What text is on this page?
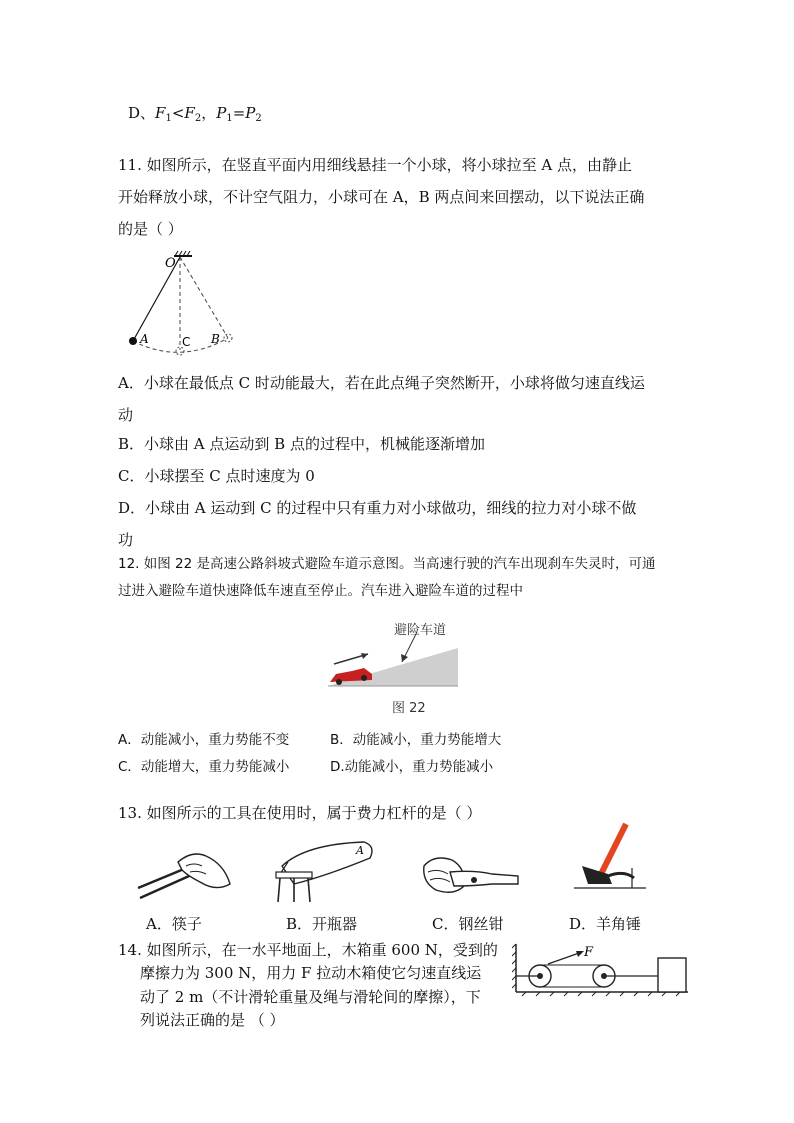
D、$F_1<F_2$，$P_1=P_2$
11. 如图所示，在竖直平面内用细线悬挂一个小球，将小球拉至 A 点，由静止
开始释放小球，不计空气阻力，小球可在 A，B 两点间来回摆动，以下说法正确
的是（ ）
O
A	B
C
A．小球在最低点 C 时动能最大，若在此点绳子突然断开，小球将做匀速直线运
动
B．小球由 A 点运动到 B 点的过程中，机械能逐渐增加
C．小球摆至 C 点时速度为 0
D．小球由 A 运动到 C 的过程中只有重力对小球做功，细线的拉力对小球不做
功
12. 如图 22 是高速公路斜坡式避险车道示意图。当高速行驶的汽车出现刹车失灵时，可通
过进入避险车道快速降低车速直至停止。汽车进入避险车道的过程中
避险车道
图 22
A．动能减小，重力势能不变	B．动能减小，重力势能增大
C．动能增大，重力势能减小	D.动能减小，重力势能减小
13. 如图所示的工具在使用时，属于费力杠杆的是（ ）
A
A．筷子	B．开瓶器	C．钢丝钳	D．羊角锤
14. 如图所示，在一水平地面上，木箱重 600 N，受到的
摩擦力为 300 N，用力 F 拉动木箱使它匀速直线运
动了 2 m（不计滑轮重量及绳与滑轮间的摩擦），下
列说法正确的是 （ ）
F
